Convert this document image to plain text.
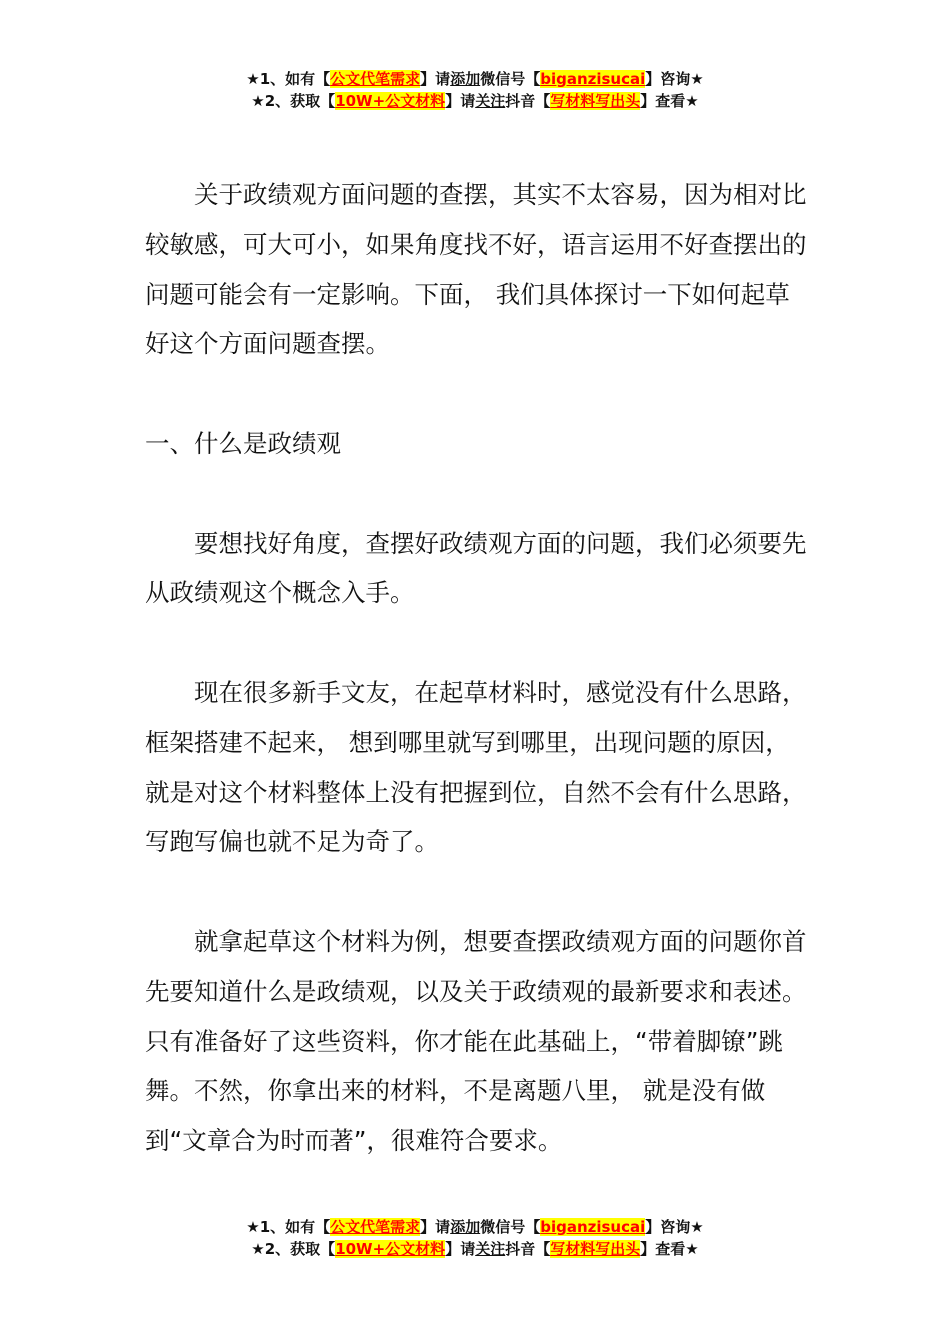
★1、如有【公文代笔需求】请添加微信号【biganzisucai】咨询★
★2、获取【10W+公文材料】请关注抖音【写材料写出头】查看★

关于政绩观方面问题的查摆，其实不太容易，因为相对比较敏感，可大可小，如果角度找不好，语言运用不好查摆出的问题可能会有一定影响。下面， 我们具体探讨一下如何起草好这个方面问题查摆。

一、什么是政绩观

要想找好角度，查摆好政绩观方面的问题，我们必须要先从政绩观这个概念入手。

现在很多新手文友，在起草材料时，感觉没有什么思路，框架搭建不起来， 想到哪里就写到哪里，出现问题的原因，就是对这个材料整体上没有把握到位，自然不会有什么思路，写跑写偏也就不足为奇了。

就拿起草这个材料为例，想要查摆政绩观方面的问题你首先要知道什么是政绩观，以及关于政绩观的最新要求和表述。只有准备好了这些资料，你才能在此基础上，“带着脚镣”跳舞。不然，你拿出来的材料，不是离题八里， 就是没有做到“文章合为时而著”，很难符合要求。

★1、如有【公文代笔需求】请添加微信号【biganzisucai】咨询★
★2、获取【10W+公文材料】请关注抖音【写材料写出头】查看★
